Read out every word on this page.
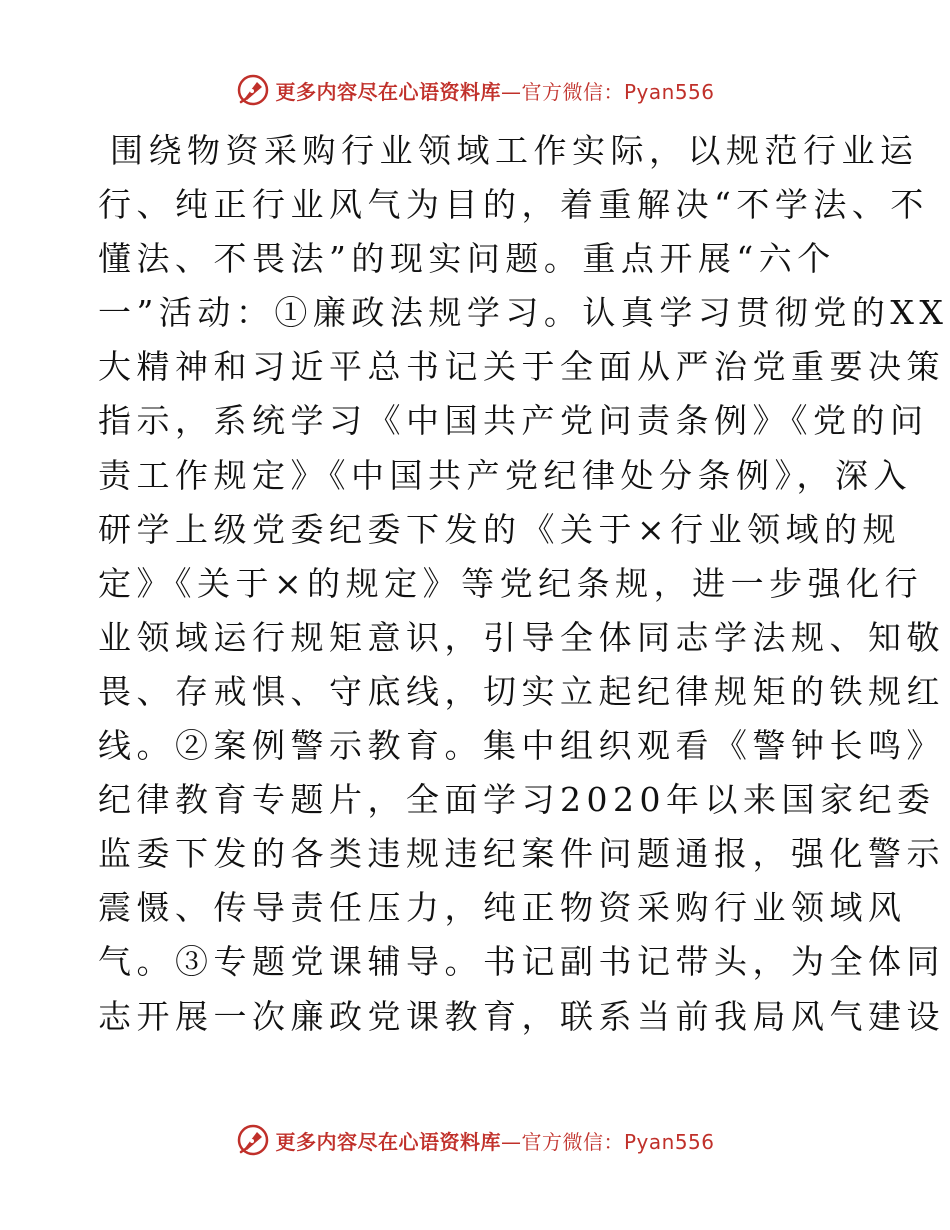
更多内容尽在心语资料库—官方微信：Pyan556
围绕物资采购行业领域工作实际，以规范行业运
行、纯正行业风气为目的，着重解决“不学法、不
懂法、不畏法”的现实问题。重点开展“六个
一”活动：①廉政法规学习。认真学习贯彻党的XX
大精神和习近平总书记关于全面从严治党重要决策
指示，系统学习《中国共产党问责条例》《党的问
责工作规定》《中国共产党纪律处分条例》，深入
研学上级党委纪委下发的《关于×行业领域的规
定》《关于×的规定》等党纪条规，进一步强化行
业领域运行规矩意识，引导全体同志学法规、知敬
畏、存戒惧、守底线，切实立起纪律规矩的铁规红
线。②案例警示教育。集中组织观看《警钟长鸣》
纪律教育专题片，全面学习2020年以来国家纪委
监委下发的各类违规违纪案件问题通报，强化警示
震慑、传导责任压力，纯正物资采购行业领域风
气。③专题党课辅导。书记副书记带头，为全体同
志开展一次廉政党课教育，联系当前我局风气建设
更多内容尽在心语资料库—官方微信：Pyan556
